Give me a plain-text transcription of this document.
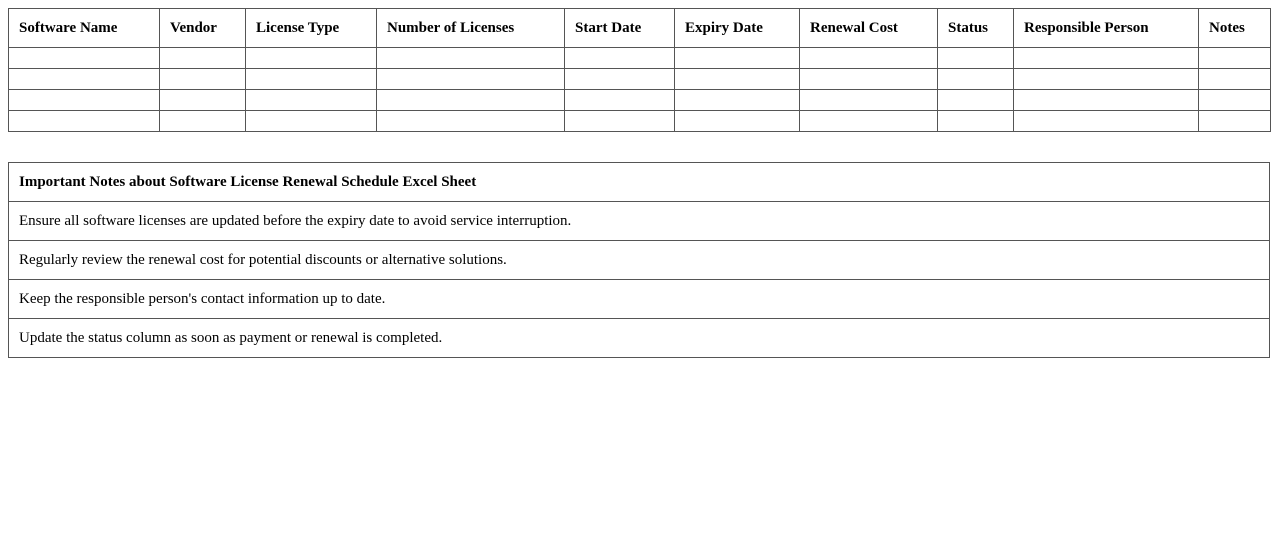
Software Name	Vendor	License Type	Number of Licenses	Start Date	Expiry Date	Renewal Cost	Status	Responsible Person	Notes

Important Notes about Software License Renewal Schedule Excel Sheet
Ensure all software licenses are updated before the expiry date to avoid service interruption.
Regularly review the renewal cost for potential discounts or alternative solutions.
Keep the responsible person's contact information up to date.
Update the status column as soon as payment or renewal is completed.
